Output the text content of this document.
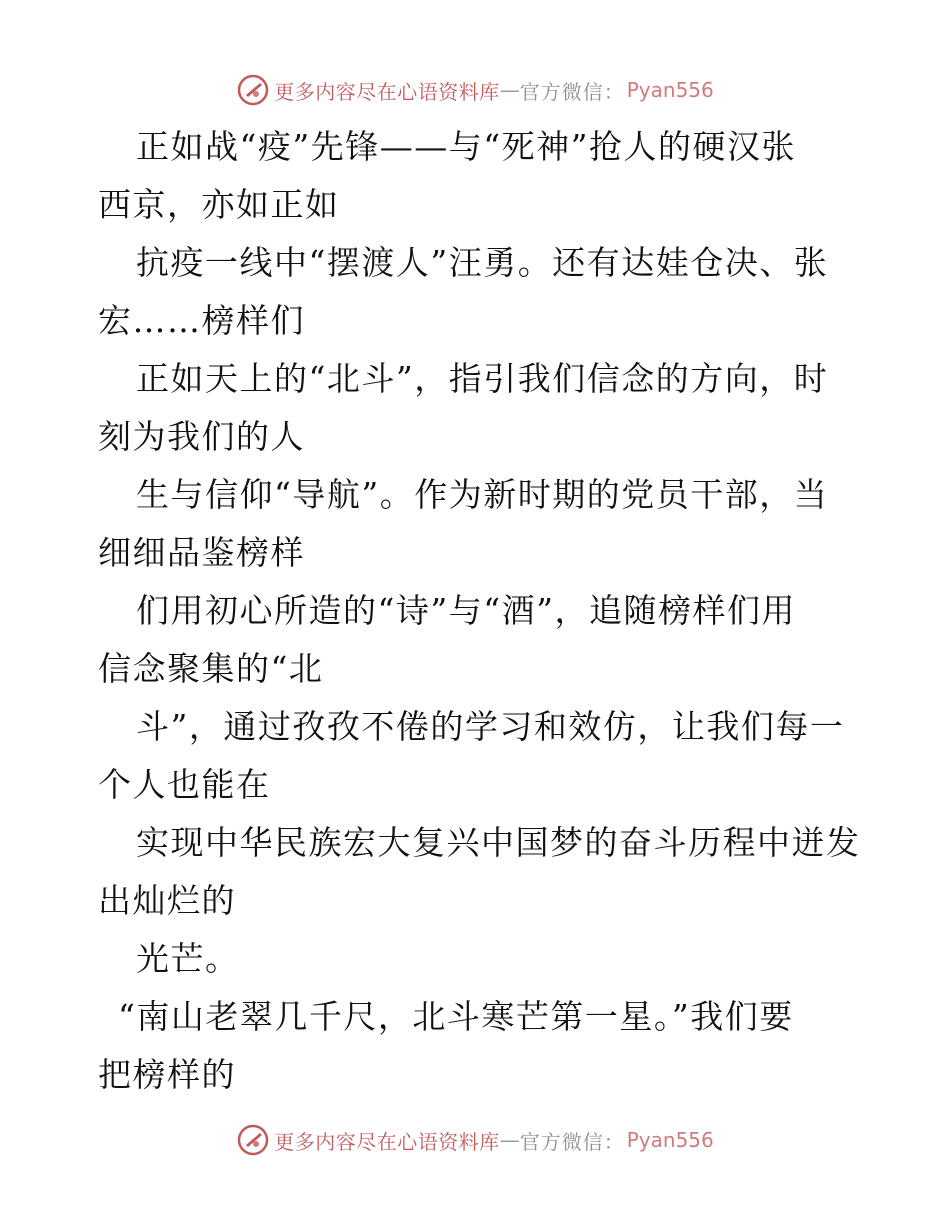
更多内容尽在心语资料库 — 官方微信： Pyan556
正如战“疫”先锋——与“死神”抢人的硬汉张
西京，亦如正如
抗疫一线中“摆渡人”汪勇。还有达娃仓决、张
宏……榜样们
正如天上的“北斗”，指引我们信念的方向，时
刻为我们的人
生与信仰“导航”。作为新时期的党员干部，当
细细品鉴榜样
们用初心所造的“诗”与“酒”，追随榜样们用
信念聚集的“北
斗”，通过孜孜不倦的学习和效仿，让我们每一
个人也能在
实现中华民族宏大复兴中国梦的奋斗历程中迸发
出灿烂的
光芒。
“南山老翠几千尺，北斗寒芒第一星。”我们要
把榜样的
更多内容尽在心语资料库 — 官方微信： Pyan556
